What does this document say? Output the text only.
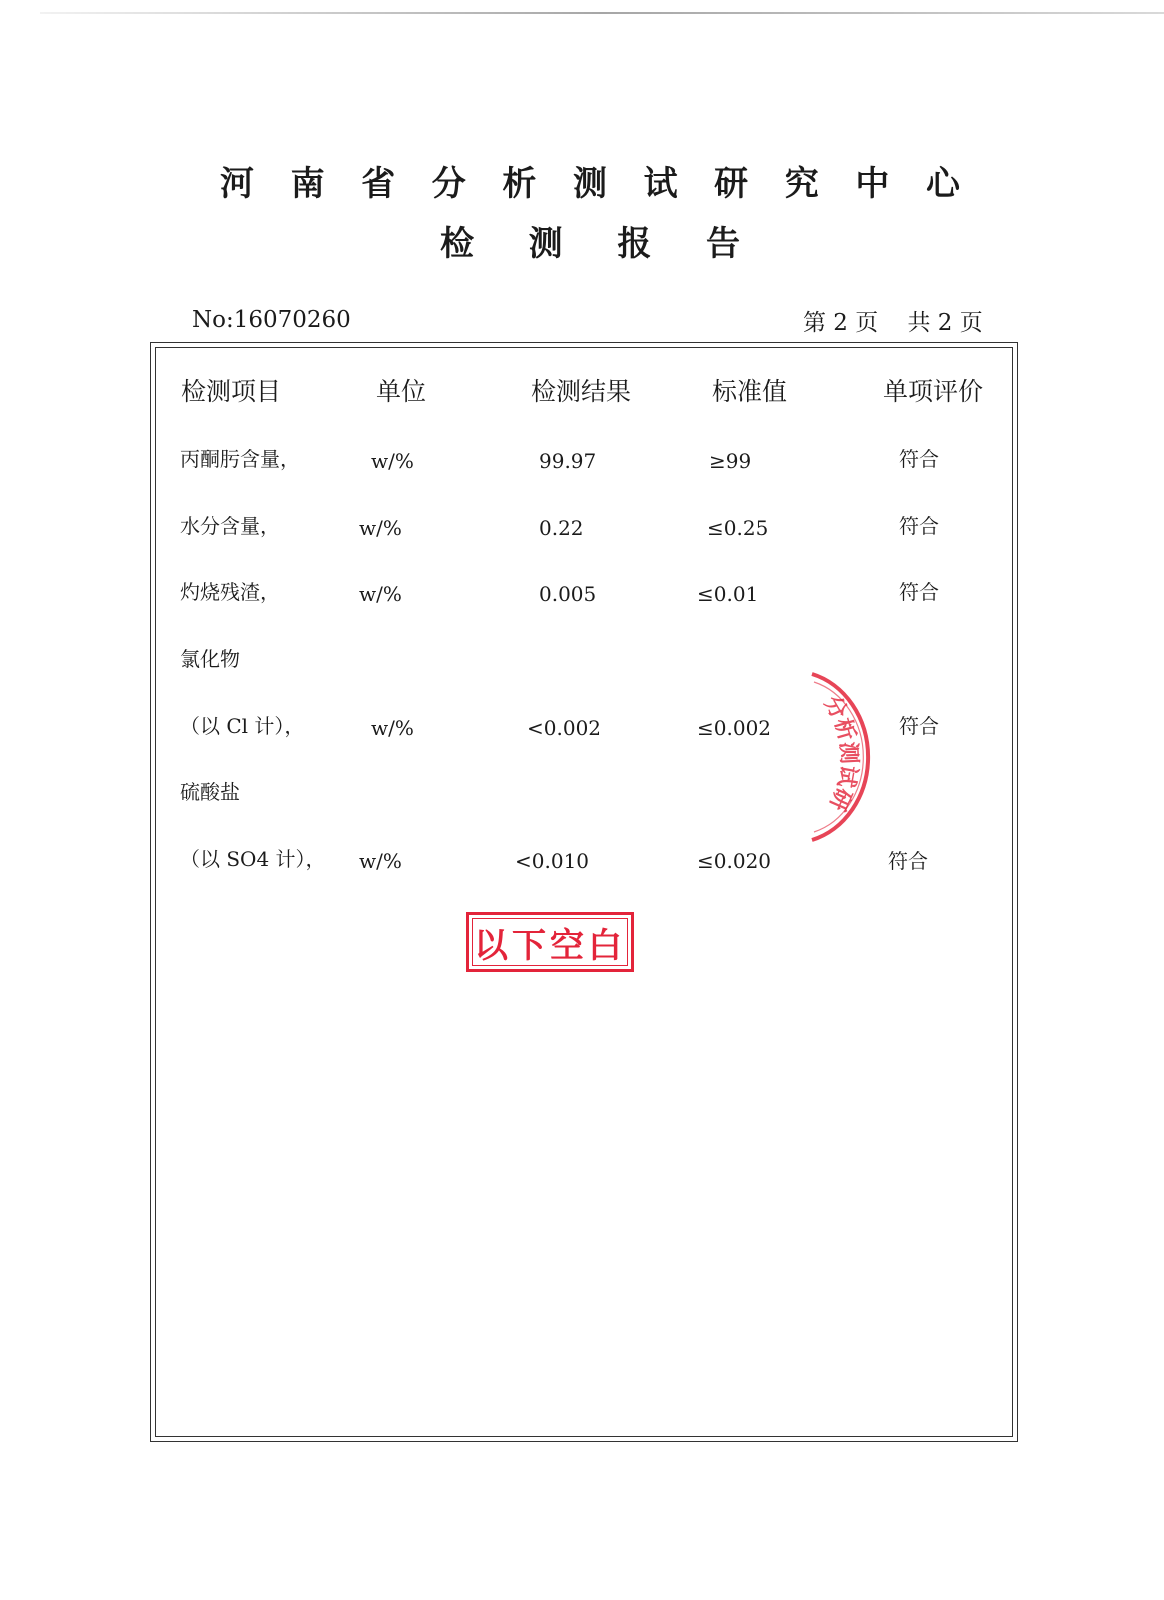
河 南 省 分 析 测 试 研 究 中 心
检 测 报 告
No:16070260	第 2 页    共 2 页
检测项目	单位	检测结果	标准值	单项评价
丙酮肟含量，	w/%	99.97	≥99	符合
水分含量，	w/%	0.22	≤0.25	符合
灼烧残渣，	w/%	0.005	≤0.01	符合
氯化物
（以 Cl 计），	w/%	<0.002	≤0.002	符合
硫酸盐
（以 SO4 计）， w/%	<0.010	≤0.020	符合
分析测试研
以下空白
